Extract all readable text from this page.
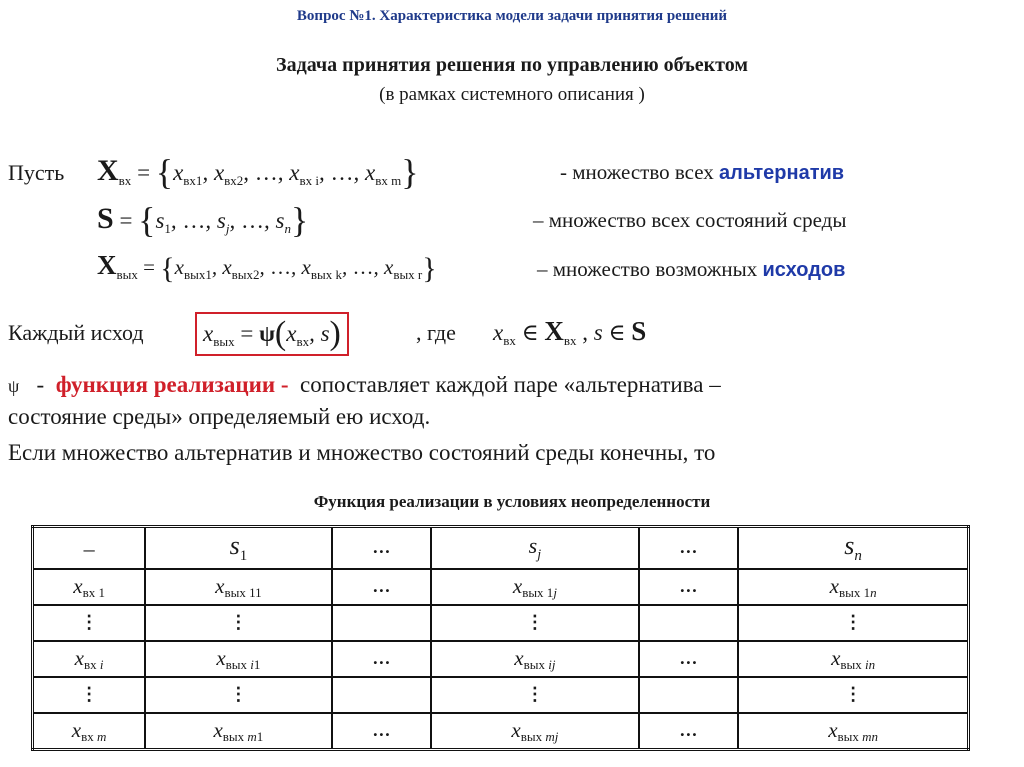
Вопрос №1. Характеристика модели задачи принятия решений
Задача принятия решения по управлению объектом
(в рамках системного описания )
Пусть $X_{вх} = \{x_{вх1}$, $x_{вх2}$, …, $x_{вх i}$, …, $x_{вх m}$}	- множество всех альтернатив
$S = \{s_1$, …, $s_j$, …, $s_n$}	– множество всех состояний среды
$X_{вых} = \{x_{вых1}$, $x_{вых2}$, …, $x_{вых k}$, …, $x_{вых r}$}	– множество возможных исходов
Каждый исход	$x_{вых} = \psi(x_{вх}$, s)	, где $x_{вх}$ ∈ $X_{вх}$ , s ∈ S
ψ - функция реализации - сопоставляет каждой паре «альтернатива –
состояние среды» определяемый ею исход.
Если множество альтернатив и множество состояний среды конечны, то
Функция реализации в условиях неопределенности
–	$s_1$	…	$s_j$	…	$s_n$
$x_{вх 1}$	$x_{вых 11}$	…	$x_{вых 1j}$	…	$x_{вых 1n}$
⋮	⋮		⋮		⋮
$x_{вх i}$	$x_{вых i1}$	…	$x_{вых ij}$	…	$x_{вых in}$
⋮	⋮		⋮		⋮
$x_{вх m}$	$x_{вых m1}$	…	$x_{вых mj}$	…	$x_{вых mn}$
